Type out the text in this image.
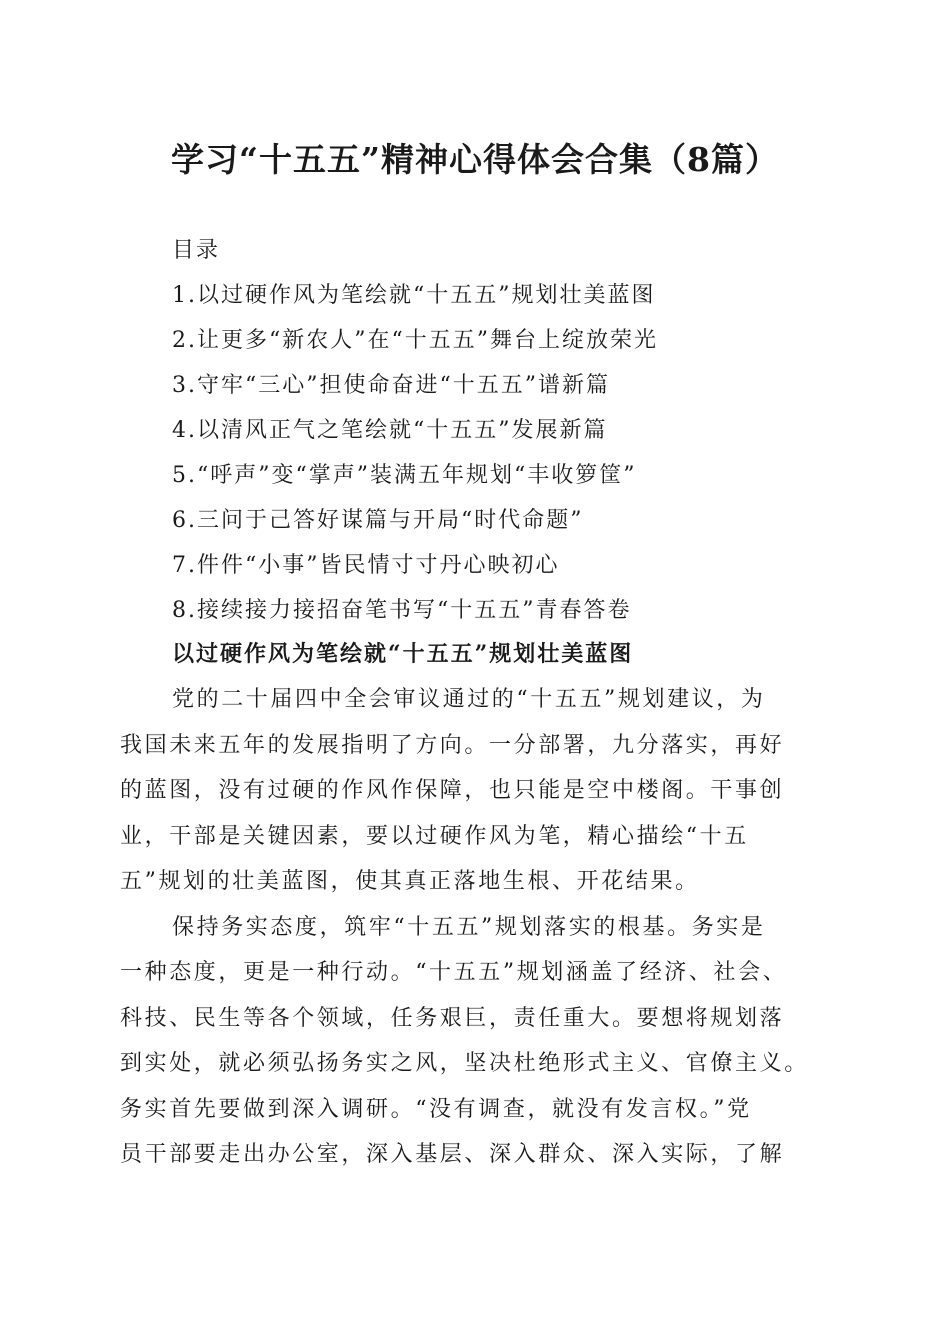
学习“十五五”精神心得体会合集（8篇）
目录
1.以过硬作风为笔绘就“十五五”规划壮美蓝图
2.让更多“新农人”在“十五五”舞台上绽放荣光
3.守牢“三心”担使命奋进“十五五”谱新篇
4.以清风正气之笔绘就“十五五”发展新篇
5.“呼声”变“掌声”装满五年规划“丰收箩筐”
6.三问于己答好谋篇与开局“时代命题”
7.件件“小事”皆民情寸寸丹心映初心
8.接续接力接招奋笔书写“十五五”青春答卷
以过硬作风为笔绘就“十五五”规划壮美蓝图
党的二十届四中全会审议通过的“十五五”规划建议，为
我国未来五年的发展指明了方向。一分部署，九分落实，再好
的蓝图，没有过硬的作风作保障，也只能是空中楼阁。干事创
业，干部是关键因素，要以过硬作风为笔，精心描绘“十五
五”规划的壮美蓝图，使其真正落地生根、开花结果。
保持务实态度，筑牢“十五五”规划落实的根基。务实是
一种态度，更是一种行动。“十五五”规划涵盖了经济、社会、
科技、民生等各个领域，任务艰巨，责任重大。要想将规划落
到实处，就必须弘扬务实之风，坚决杜绝形式主义、官僚主义。
务实首先要做到深入调研。“没有调查，就没有发言权。”党
员干部要走出办公室，深入基层、深入群众、深入实际，了解
